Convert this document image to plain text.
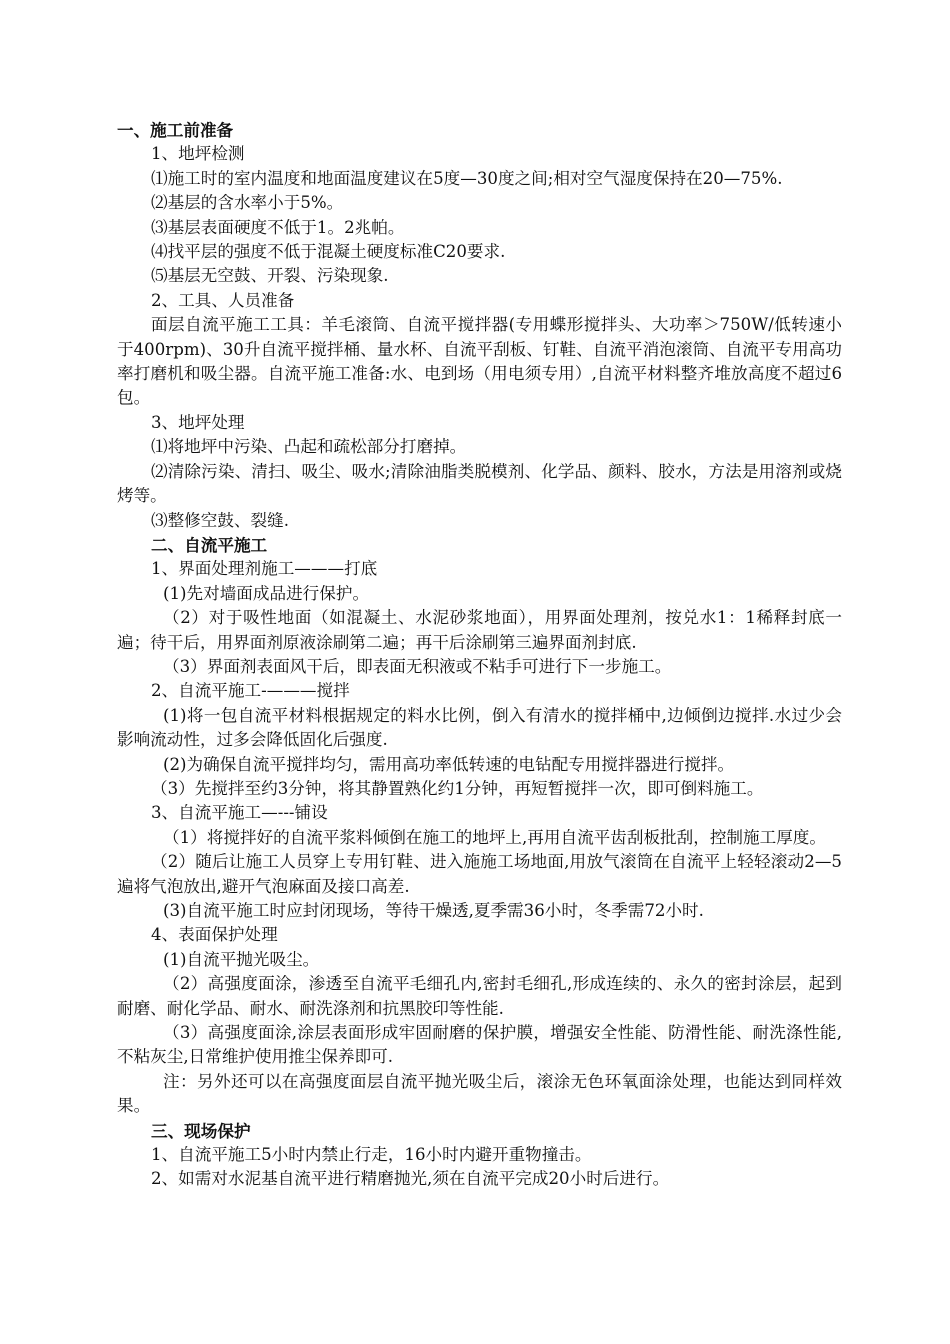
一、施工前准备

1、地坪检测

⑴施工时的室内温度和地面温度建议在5度—30度之间;相对空气湿度保持在20—75%.

⑵基层的含水率小于5%。

⑶基层表面硬度不低于1。2兆帕。

⑷找平层的强度不低于混凝土硬度标准C20要求.

⑸基层无空鼓、开裂、污染现象.

2、工具、人员准备

面层自流平施工工具：羊毛滚筒、自流平搅拌器(专用蝶形搅拌头、大功率＞750W/低转速小于400rpm)、30升自流平搅拌桶、量水杯、自流平刮板、钉鞋、自流平消泡滚筒、自流平专用高功率打磨机和吸尘器。自流平施工准备:水、电到场（用电须专用）,自流平材料整齐堆放高度不超过6包。

3、地坪处理

⑴将地坪中污染、凸起和疏松部分打磨掉。

⑵清除污染、清扫、吸尘、吸水;清除油脂类脱模剂、化学品、颜料、胶水，方法是用溶剂或烧烤等。

⑶整修空鼓、裂缝.

二、自流平施工

1、界面处理剂施工———打底

(1)先对墙面成品进行保护。

（2）对于吸性地面（如混凝土、水泥砂浆地面），用界面处理剂，按兑水1：1稀释封底一遍；待干后，用界面剂原液涂刷第二遍；再干后涂刷第三遍界面剂封底.

（3）界面剂表面风干后，即表面无积液或不粘手可进行下一步施工。

2、自流平施工-———搅拌

(1)将一包自流平材料根据规定的料水比例，倒入有清水的搅拌桶中,边倾倒边搅拌.水过少会影响流动性，过多会降低固化后强度.

(2)为确保自流平搅拌均匀，需用高功率低转速的电钻配专用搅拌器进行搅拌。

（3）先搅拌至约3分钟，将其静置熟化约1分钟，再短暂搅拌一次，即可倒料施工。

3、自流平施工—---铺设

（1）将搅拌好的自流平浆料倾倒在施工的地坪上,再用自流平齿刮板批刮，控制施工厚度。

（2）随后让施工人员穿上专用钉鞋、进入施施工场地面,用放气滚筒在自流平上轻轻滚动2—5遍将气泡放出,避开气泡麻面及接口高差.

(3)自流平施工时应封闭现场，等待干燥透,夏季需36小时，冬季需72小时.

4、表面保护处理

(1)自流平抛光吸尘。

（2）高强度面涂，渗透至自流平毛细孔内,密封毛细孔,形成连续的、永久的密封涂层，起到耐磨、耐化学品、耐水、耐洗涤剂和抗黑胶印等性能.

（3）高强度面涂,涂层表面形成牢固耐磨的保护膜，增强安全性能、防滑性能、耐洗涤性能,不粘灰尘,日常维护使用推尘保养即可.

注：另外还可以在高强度面层自流平抛光吸尘后，滚涂无色环氧面涂处理，也能达到同样效果。

三、现场保护

1、自流平施工5小时内禁止行走，16小时内避开重物撞击。

2、如需对水泥基自流平进行精磨抛光,须在自流平完成20小时后进行。
